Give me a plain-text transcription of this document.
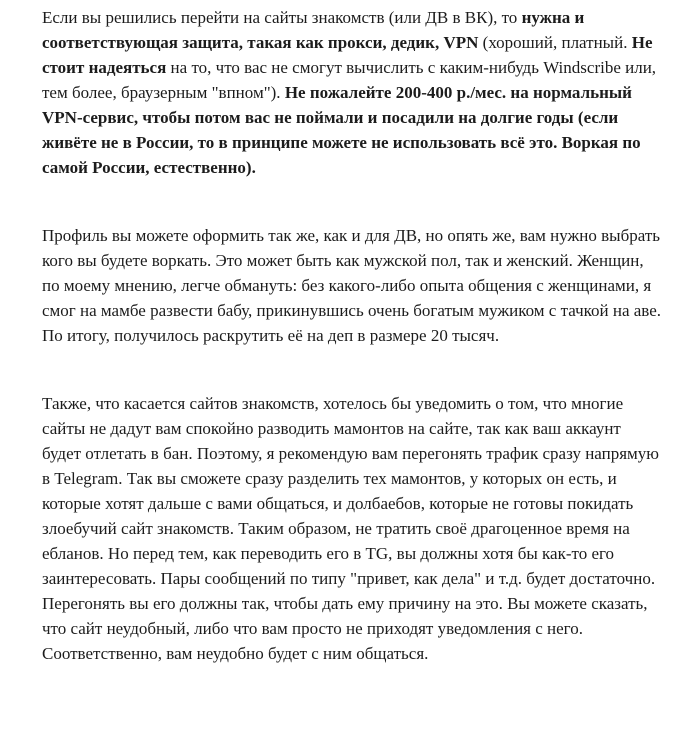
Если вы решились перейти на сайты знакомств (или ДВ в ВК), то нужна и соответствующая защита, такая как прокси, дедик, VPN (хороший, платный. Не стоит надеяться на то, что вас не смогут вычислить с каким-нибудь Windscribe или, тем более, браузерным "впном"). Не пожалейте 200-400 р./мес. на нормальный VPN-сервис, чтобы потом вас не поймали и посадили на долгие годы (если живёте не в России, то в принципе можете не использовать всё это. Воркая по самой России, естественно).

Профиль вы можете оформить так же, как и для ДВ, но опять же, вам нужно выбрать кого вы будете воркать. Это может быть как мужской пол, так и женский. Женщин, по моему мнению, легче обмануть: без какого-либо опыта общения с женщинами, я смог на мамбе развести бабу, прикинувшись очень богатым мужиком с тачкой на аве. По итогу, получилось раскрутить её на деп в размере 20 тысяч.

Также, что касается сайтов знакомств, хотелось бы уведомить о том, что многие сайты не дадут вам спокойно разводить мамонтов на сайте, так как ваш аккаунт будет отлетать в бан. Поэтому, я рекомендую вам перегонять трафик сразу напрямую в Telegram. Так вы сможете сразу разделить тех мамонтов, у которых он есть, и которые хотят дальше с вами общаться, и долбаебов, которые не готовы покидать злоебучий сайт знакомств. Таким образом, не тратить своё драгоценное время на ебланов. Но перед тем, как переводить его в TG, вы должны хотя бы как-то его заинтересовать. Пары сообщений по типу "привет, как дела" и т.д. будет достаточно. Перегонять вы его должны так, чтобы дать ему причину на это. Вы можете сказать, что сайт неудобный, либо что вам просто не приходят уведомления с него. Соответственно, вам неудобно будет с ним общаться.
